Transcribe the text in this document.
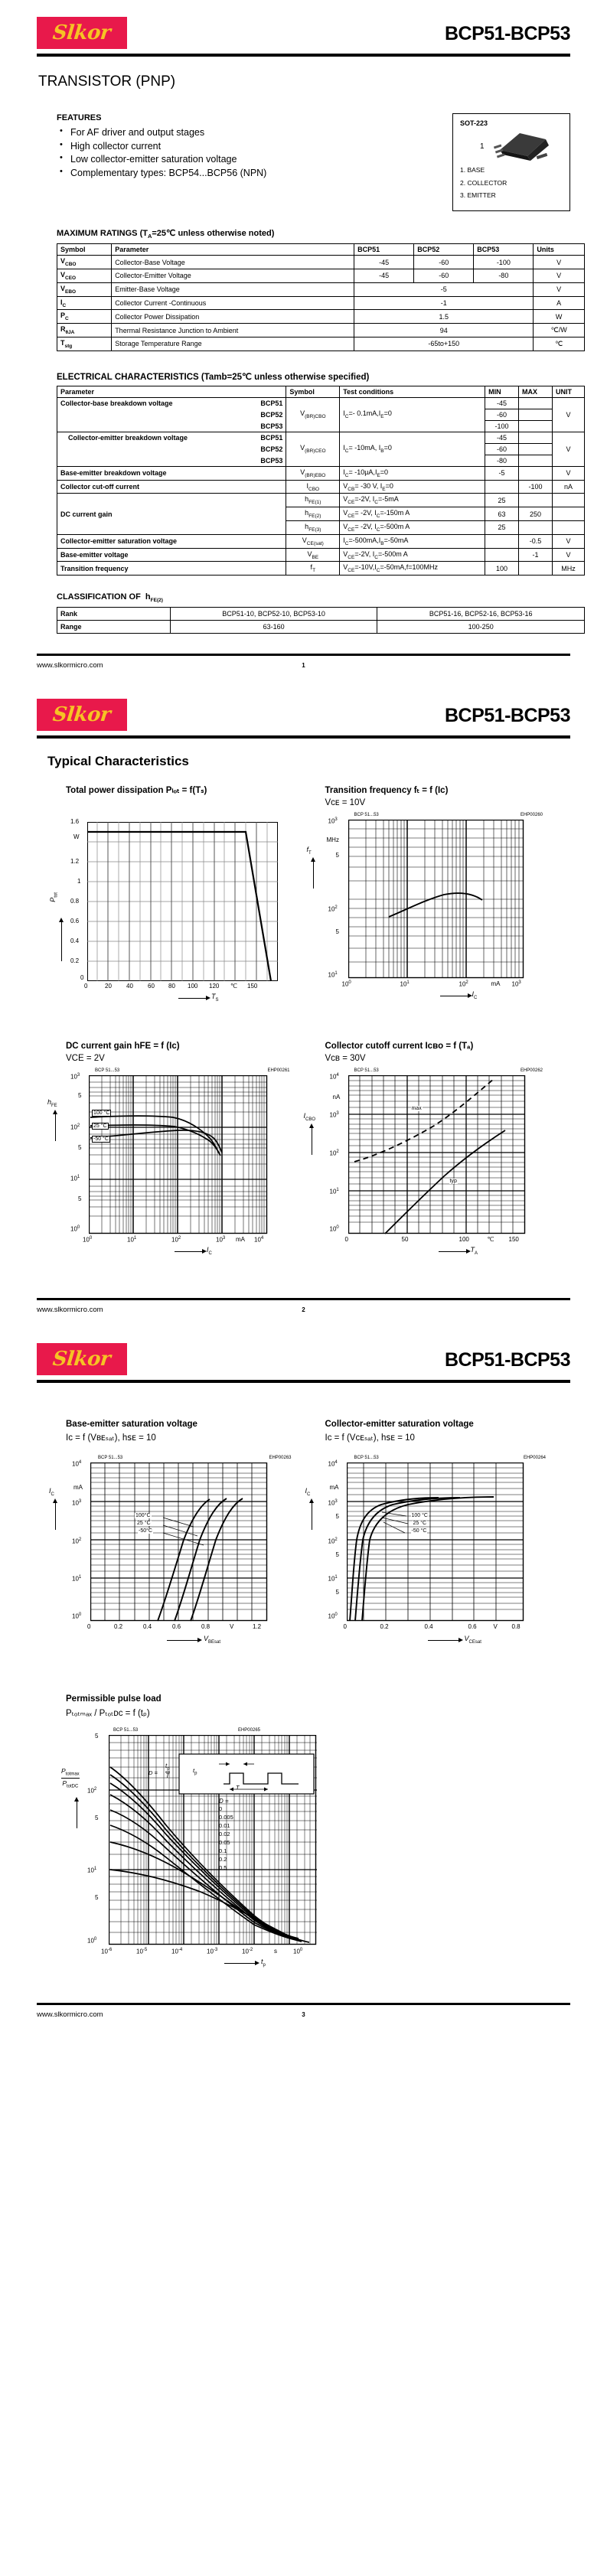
Slkor	BCP51-BCP53
TRANSISTOR (PNP)
FEATURES
• For AF driver and output stages
• High collector current
• Low collector-emitter saturation voltage
• Complementary types: BCP54...BCP56 (NPN)
SOT-223
1
1. BASE
2. COLLECTOR
3. EMITTER
MAXIMUM RATINGS ($T_A=25℃$ unless otherwise noted)
Symbol	Parameter	BCP51	BCP52	BCP53	Units
$V_{CBO}$	Collector-Base Voltage	-45	-60	-100	V
$V_{CEO}$	Collector-Emitter Voltage	-45	-60	-80	V
$V_{EBO}$	Emitter-Base Voltage	-5			V
$I_C$	Collector Current -Continuous	-1			A
$P_C$	Collector Power Dissipation	1.5			W
$R_{\theta JA}$	Thermal Resistance Junction to Ambient	94			℃/W
$T_{stg}$	Storage Temperature Range	-65to+150			℃
ELECTRICAL CHARACTERISTICS (Tamb=25℃ unless otherwise specified)
Parameter	Symbol	Test conditions	MIN	MAX	UNIT
Collector-base breakdown voltage BCP51	$V_{(BR)CBO}$	$I_C=-$ $0.1mA,I_E=0$	-45		V

BCP52			-60		

BCP53			-100		
Collector-emitter breakdown voltage BCP51	$V_{(BR)CEO}$	$I_C= -10mA$, $I_B=0$	-45		V

BCP52			-60		

BCP53			-80		
Base-emitter breakdown voltage	$V_{(BR)EBO}$	$I_C= -10\mu A,I_E=0$	-5		V
Collector cut-off current	$I_{CBO}$	$V_{CB}= -30$ V, $I_E=0$		-100	nA
DC current gain	$h_{FE(1)}$	$V_{CE}=-2V$, $I_C=-5mA$	25		
	$h_{FE(2)}$	$V_{CE}= -2V$, $I_C=-150m$ A	63	250	
	$h_{FE(3)}$	$V_{CE}= -2V$, $I_C=-500m$ A	25		
Collector-emitter saturation voltage	$V_{CE(sat)}$	$I_C=-500mA,I_B=-50mA$		-0.5	V
Base-emitter voltage	$V_{BE}$	$V_{CE}=-2V$, $I_C=-500m$ A		-1	V
Transition frequency	$f_T$	$V_{CE}=-10V,I_C=-50mA,f=100MHz$	100		MHz
CLASSIFICATION OF $h_{FE(2)}$
Rank	BCP51-10, BCP52-10, BCP53-10	BCP51-16, BCP52-16, BCP53-16
Range	63-160	100-250
www.slkormicro.com	1
Slkor	BCP51-BCP53
Typical Characteristics
Total power dissipation Pₗₒₜ = f(Tₛ)

$P_{tot}$
1.6
W
1.2
1
0.8
0.6
0.4
0.2
0
0	20 40 60 80 100 120 ℃ 150
$T_S$
Transition frequency fₜ = f (Iᴄ)
Vᴄᴇ = 10V
BCP 51...53	EHP00260
$f_T$
$10^3$
MHz
5
$10^2$
5
$10^1$
$10^0$	$10^1$	$10^2$	mA $10^3$
$I_C$
DC current gain hFE = f (Iᴄ)
VCE = 2V
BCP 51...53	EHP00261
$h_{FE}$
$10^3$
5
$10^2$
5
$10^1$
5
$10^0$
100 °C
25 °C
-50 °C
$10^0$	$10^1$	$10^2$	$10^3$ mA $10^4$
$I_C$
Collector cutoff current Iᴄʙᴏ = f (Tₐ)
Vᴄʙ = 30V
BCP 51...53	EHP00262
$I_{CBO}$
$10^4$
nA
$10^3$
$10^2$
$10^1$
$10^0$
max
typ
0	50	100	℃ 150
$T_A$
www.slkormicro.com	2
Slkor	BCP51-BCP53
Base-emitter saturation voltage
Iᴄ = f (Vʙᴇₛₐₜ), hꜱᴇ = 10
BCP 51...53	EHP00263
$I_C$
$10^4$
mA
$10^3$
$10^2$
$10^1$
$10^0$
100°C
25 °C
-50°C
0	0.2	0.4	0.6	0.8	V	1.2
$V_{BEsat}$
Collector-emitter saturation voltage
Iᴄ = f (Vᴄᴇₛₐₜ), hꜱᴇ = 10
BCP 51...53	EHP00264
$I_C$
$10^4$
mA
$10^3$
5
$10^2$
5
$10^1$
5
$10^0$
100 °C
25 °C
-50 °C
0	0.2	0.4	0.6	V 0.8
$V_{CEsat}$
Permissible pulse load
Pₜₒₜₘₐₓ / Pₜₒₜᴅᴄ = f (tₚ)
BCP 51...53	EHP00265
$P_{totmax}$
$P_{totDC}$
5
$10^2$
5
$10^1$
5
$10^0$
$t_p$
T
D =
$t_p$
T
D =
0
0.005
0.01
0.02
0.05
0.1
0.2
0.5
$10^{-6}$	$10^{-5}$	$10^{-4}$	$10^{-3}$	$10^{-2}$	s	$10^0$
$t_p$
www.slkormicro.com	3
